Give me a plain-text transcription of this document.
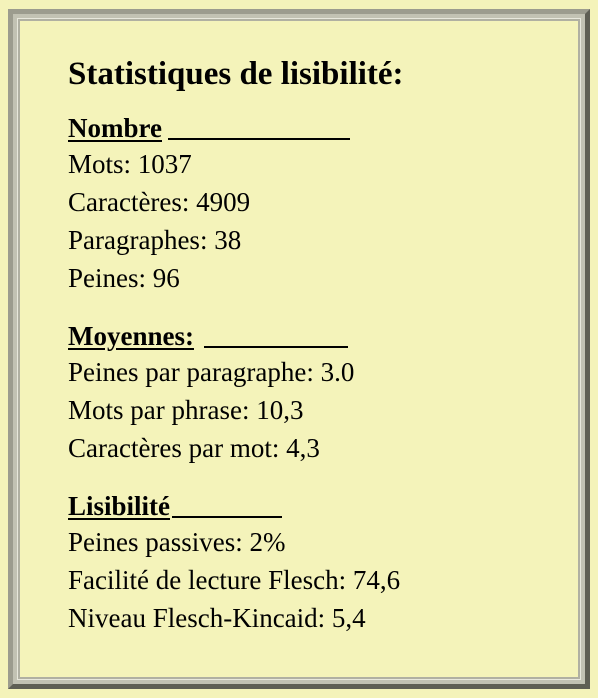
Statistiques de lisibilité:
Nombre
Mots: 1037
Caractères: 4909
Paragraphes: 38
Peines: 96
Moyennes:
Peines par paragraphe: 3.0
Mots par phrase: 10,3
Caractères par mot: 4,3
Lisibilité
Peines passives: 2%
Facilité de lecture Flesch: 74,6
Niveau Flesch-Kincaid: 5,4
